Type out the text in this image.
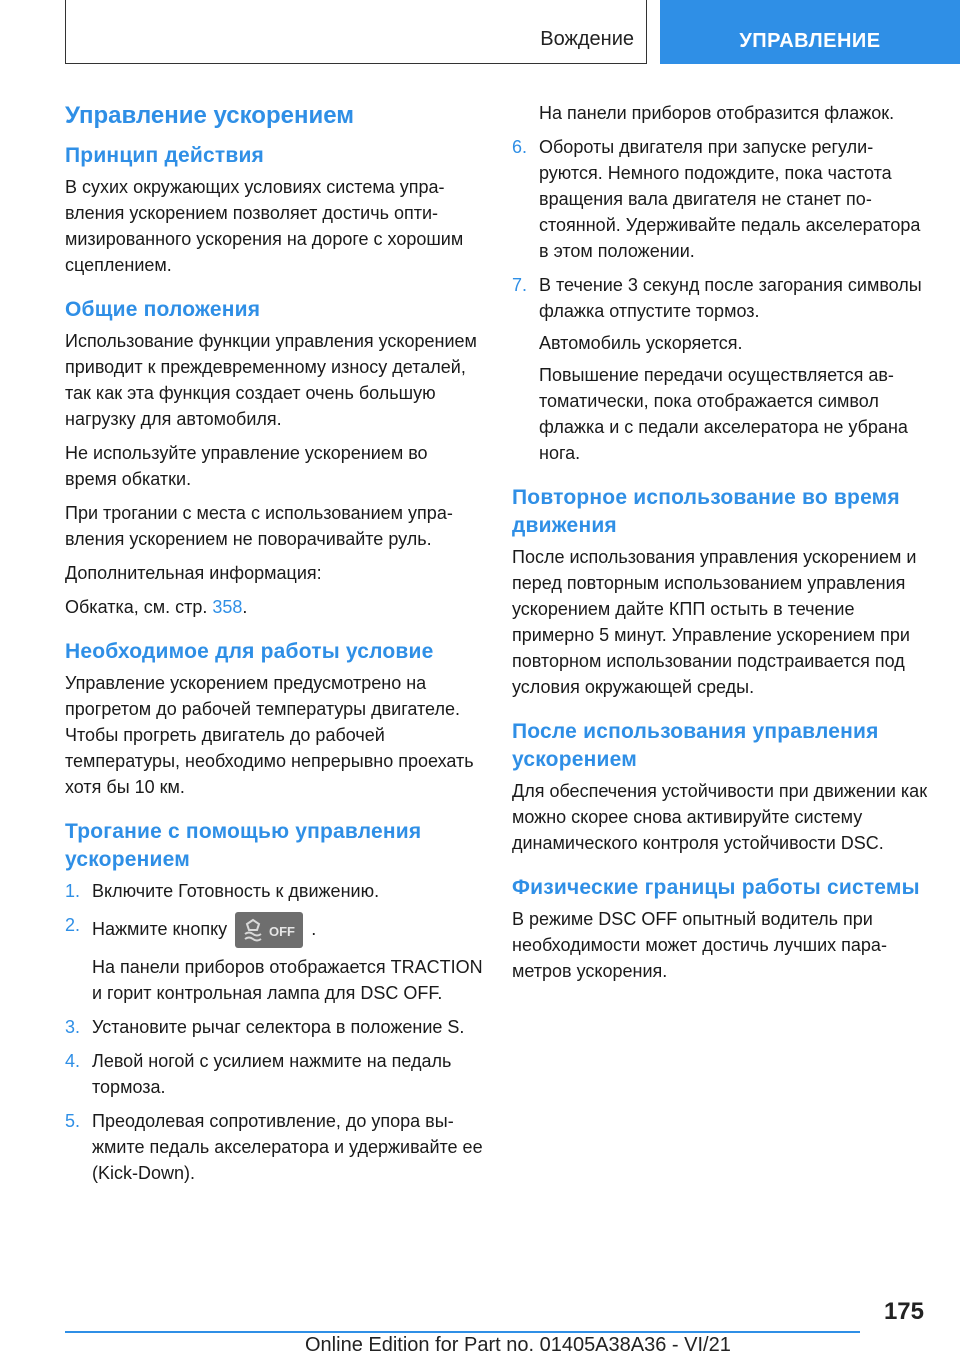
Вождение	УПРАВЛЕНИЕ
Управление ускорением
Принцип действия

В сухих окружающих условиях система управления ускорением позволяет достичь оптимизированного ускорения на дороге с хорошим сцеплением.

Общие положения

Использование функции управления ускорением приводит к преждевременному износу деталей, так как эта функция создает очень большую нагрузку для автомобиля.

Не используйте управление ускорением во время обкатки.

При трогании с места с использованием управления ускорением не поворачивайте руль.

Дополнительная информация:

Обкатка, см. стр. 358.

Необходимое для работы условие

Управление ускорением предусмотрено на прогретом до рабочей температуры двигателе. Чтобы прогреть двигатель до рабочей температуры, необходимо непрерывно проехать хотя бы 10 км.

Трогание с помощью управления ускорением
1. Включите Готовность к движению.

2. Нажмите кнопку	OFF .

На панели приборов отображается TRACTION и горит контрольная лампа для DSC OFF.

3. Установите рычаг селектора в положение S.

4. Левой ногой с усилием нажмите на педаль тормоза.

5. Преодолевая сопротивление, до упора выжмите педаль акселератора и удерживайте ее (Kick-Down).

На панели приборов отобразится флажок.

6. Обороты двигателя при запуске регулируются. Немного подождите, пока частота вращения вала двигателя не станет постоянной. Удерживайте педаль акселератора в этом положении.

7. В течение 3 секунд после загорания символы флажка отпустите тормоз.

Автомобиль ускоряется.

Повышение передачи осуществляется автоматически, пока отображается символ флажка и с педали акселератора не убрана нога.

Повторное использование во время движения

После использования управления ускорением и перед повторным использованием управления ускорением дайте КПП остыть в течение примерно 5 минут. Управление ускорением при повторном использовании подстраивается под условия окружающей среды.

После использования управления ускорением

Для обеспечения устойчивости при движении как можно скорее снова активируйте систему динамического контроля устойчивости DSC.

Физические границы работы системы

В режиме DSC OFF опытный водитель при необходимости может достичь лучших параметров ускорения.

175
Online Edition for Part no. 01405A38A36 - VI/21
